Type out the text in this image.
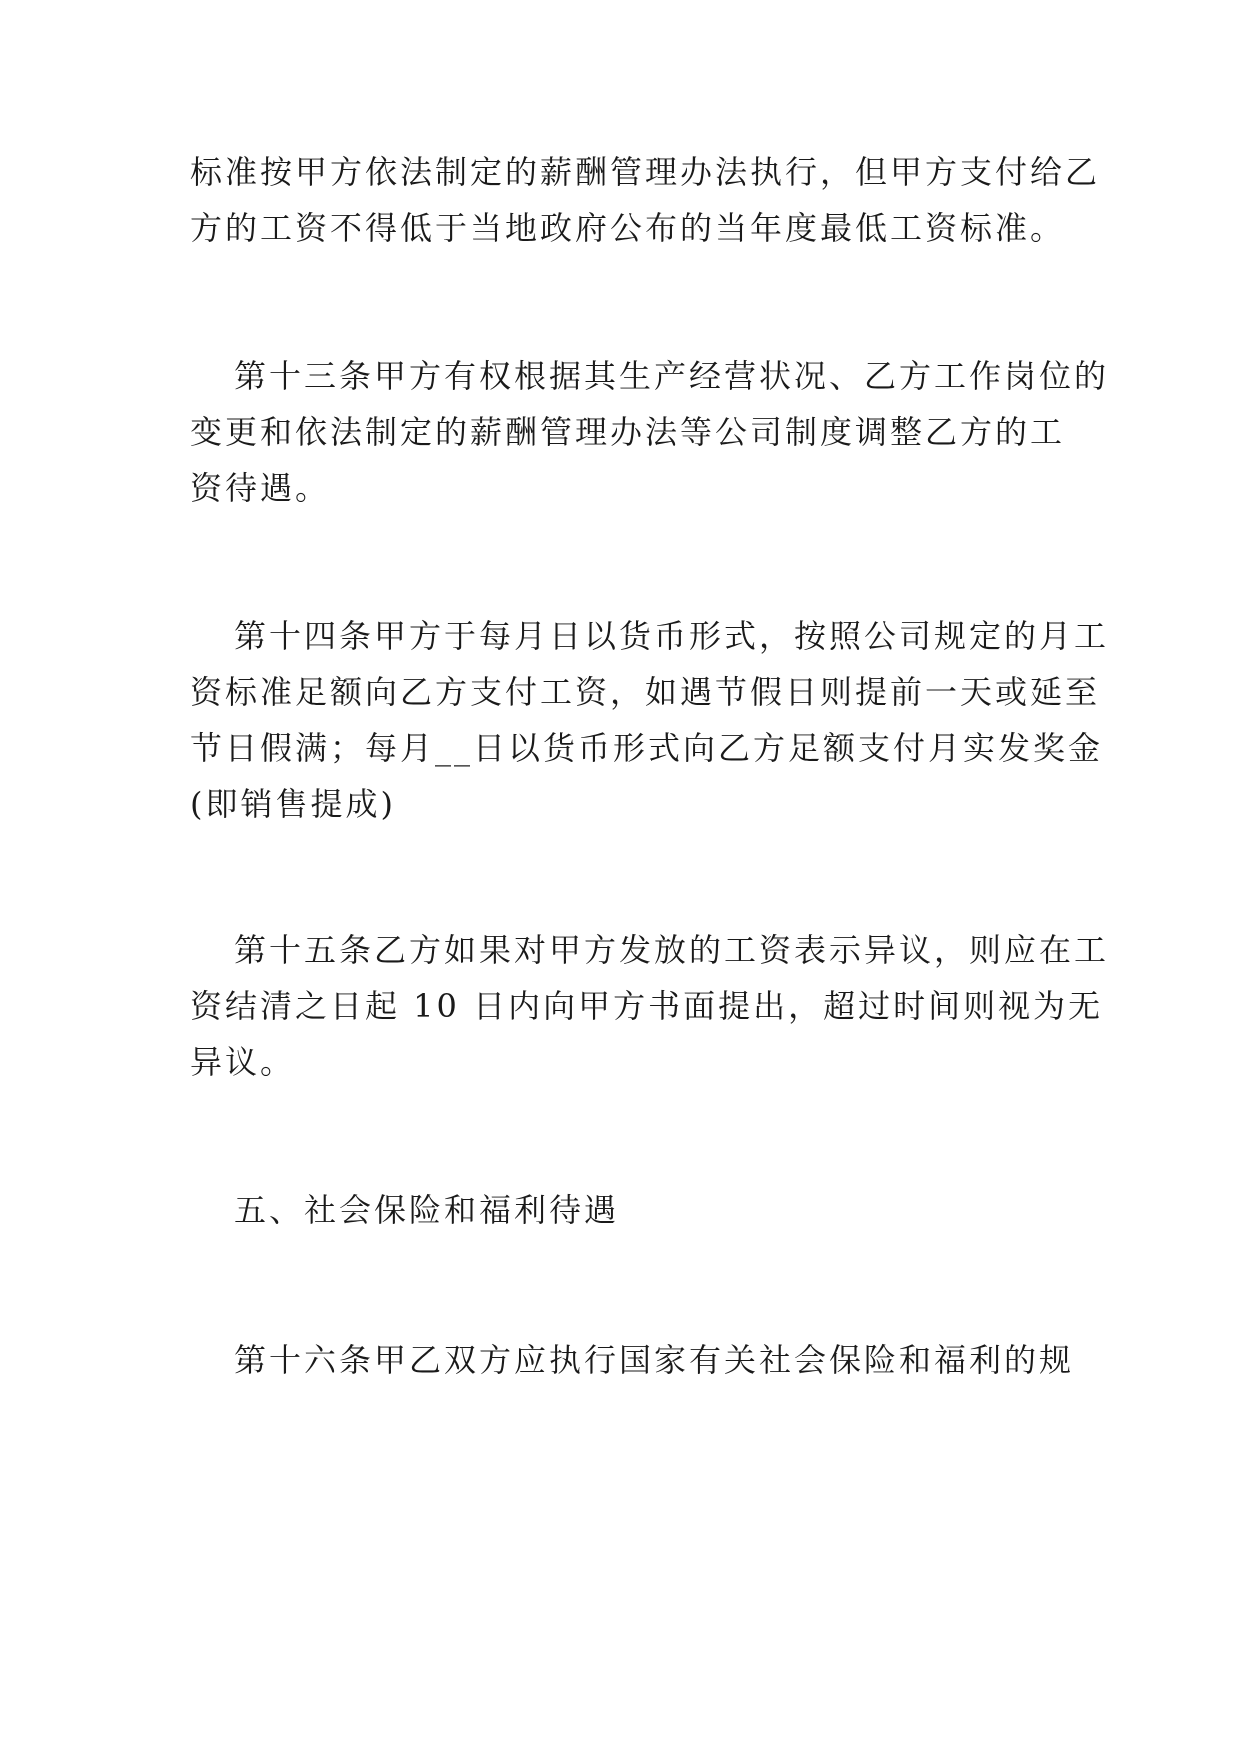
标准按甲方依法制定的薪酬管理办法执行，但甲方支付给乙
方的工资不得低于当地政府公布的当年度最低工资标准。
第十三条甲方有权根据其生产经营状况、乙方工作岗位的
变更和依法制定的薪酬管理办法等公司制度调整乙方的工
资待遇。
第十四条甲方于每月日以货币形式，按照公司规定的月工
资标准足额向乙方支付工资，如遇节假日则提前一天或延至
节日假满；每月__日以货币形式向乙方足额支付月实发奖金
(即销售提成)
第十五条乙方如果对甲方发放的工资表示异议，则应在工
资结清之日起 10 日内向甲方书面提出，超过时间则视为无
异议。
五、社会保险和福利待遇
第十六条甲乙双方应执行国家有关社会保险和福利的规
